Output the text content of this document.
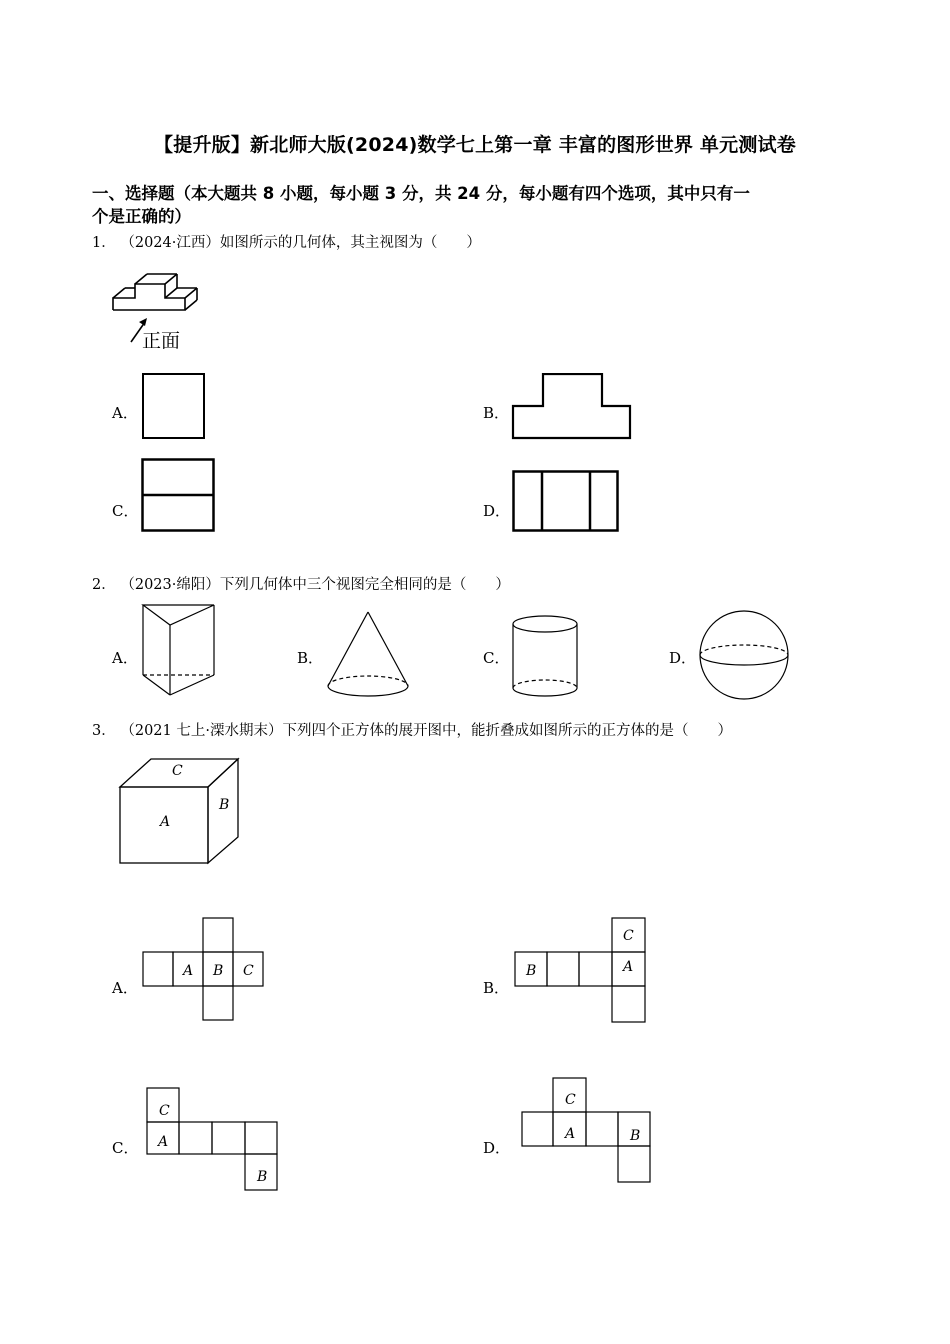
【提升版】新北师大版(2024)数学七上第一章 丰富的图形世界 单元测试卷
一、选择题（本大题共 8 小题，每小题 3 分，共 24 分，每小题有四个选项，其中只有一
个是正确的）
1． （2024·江西）如图所示的几何体，其主视图为（　　）
正面
A．	B．
C．	D．
2． （2023·绵阳）下列几何体中三个视图完全相同的是（　　）
A．	B．	C．	D．
3． （2021 七上·溧水期末）下列四个正方体的展开图中，能折叠成如图所示的正方体的是（　　）
C
A
B
A．
A B C
B．
C
A
B
C．
C
A
B
D．
C
A	B
